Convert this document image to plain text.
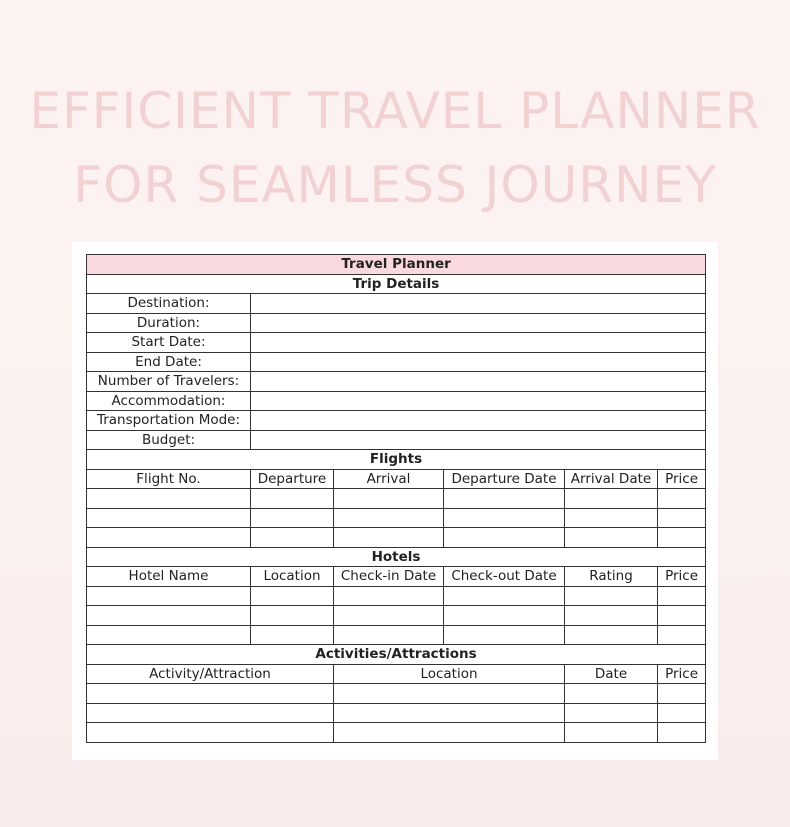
EFFICIENT TRAVEL PLANNER
FOR SEAMLESS JOURNEY
Travel Planner					
Trip Details					
Destination:					
Duration:					
Start Date:					
End Date:					
Number of Travelers:					
Accommodation:					
Transportation Mode:					
Budget:					
Flights					
Flight No.	Departure	Arrival	Departure Date	Arrival Date	Price

Hotels					
Hotel Name	Location	Check-in Date	Check-out Date	Rating	Price

Activities/Attractions					
Activity/Attraction		Location		Date	Price
